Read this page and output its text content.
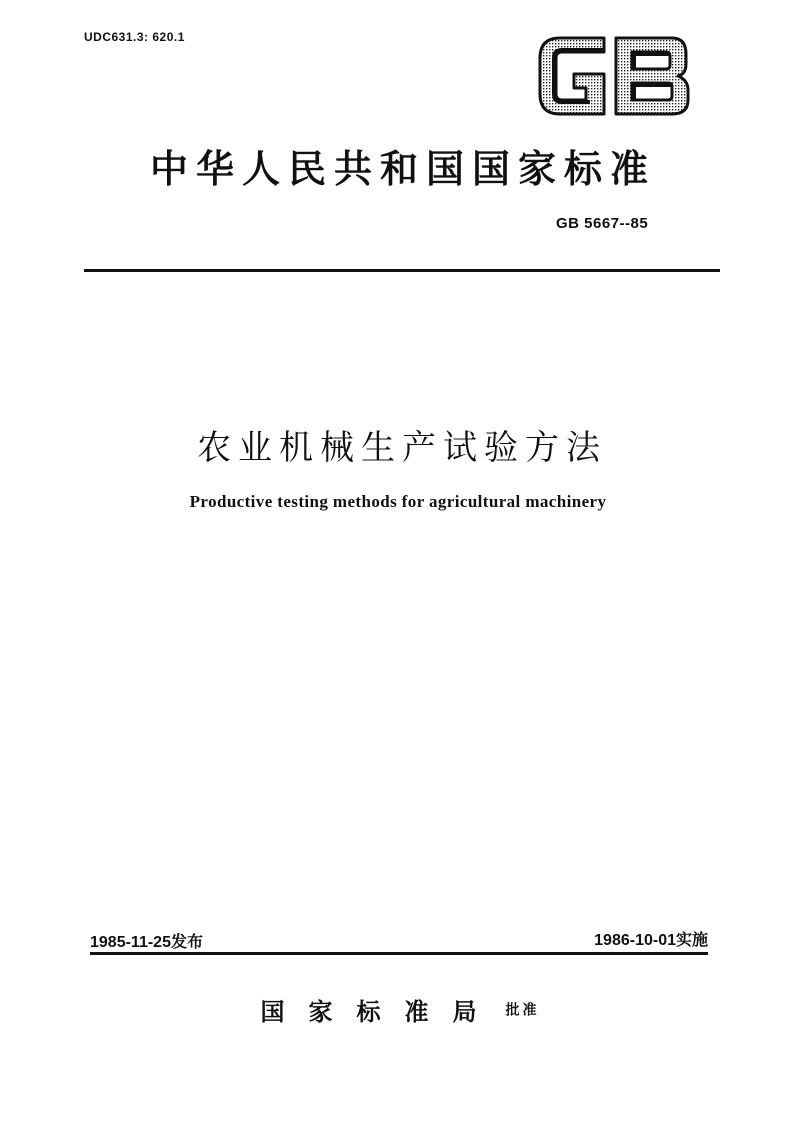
UDC631.3: 620.1
中华人民共和国国家标准
GB 5667--85
农业机械生产试验方法
Productive testing methods for agricultural machinery
1985-11-25发布	1986-10-01实施
国家标准局 批准
